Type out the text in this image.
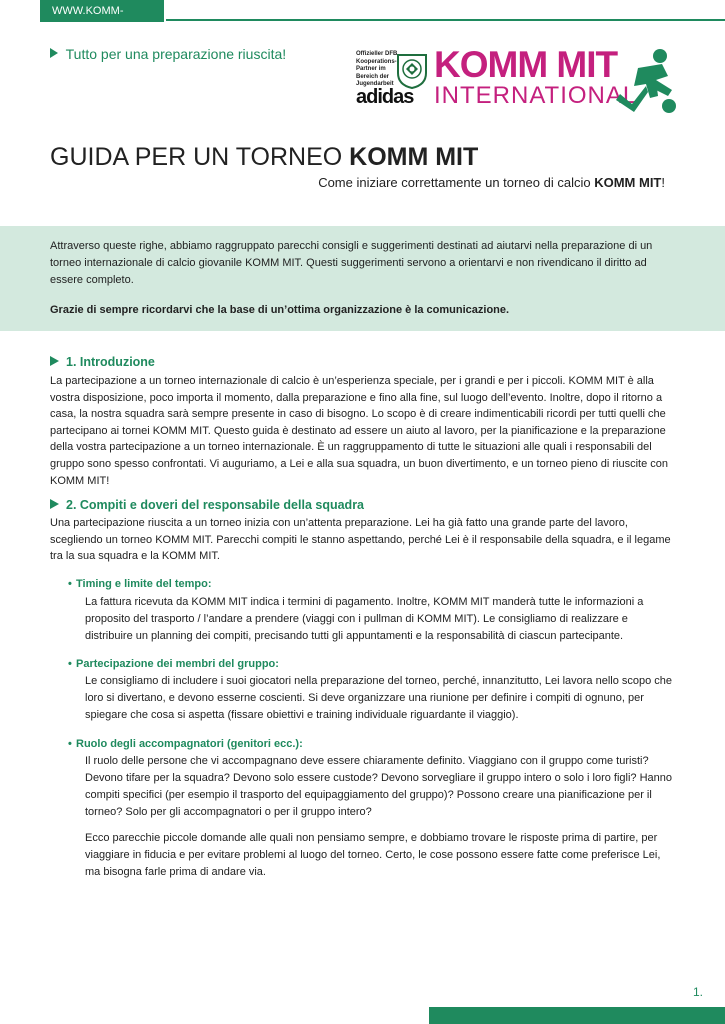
WWW.KOMM-MIT.COM
Tutto per una preparazione riuscita!	Offizieller DFB
Kooperations-
Partner im
Bereich der
Jugendarbeit
adidas
KOMM MIT
INTERNATIONAL
GUIDA PER UN TORNEO KOMM MIT
Come iniziare correttamente un torneo di calcio KOMM MIT!

Attraverso queste righe, abbiamo raggruppato parecchi consigli e suggerimenti destinati ad aiutarvi nella preparazione di un torneo internazionale di calcio giovanile KOMM MIT. Questi suggerimenti servono a orientarvi e non rivendicano il diritto ad essere completo.

Grazie di sempre ricordarvi che la base di un’ottima organizzazione è la comunicazione.

1. Introduzione

La partecipazione a un torneo internazionale di calcio è un’esperienza speciale, per i grandi e per i piccoli. KOMM MIT è alla vostra disposizione, poco importa il momento, dalla preparazione e fino alla fine, sul luogo dell’evento. Inoltre, dopo il ritorno a casa, la nostra squadra sarà sempre presente in caso di bisogno. Lo scopo è di creare indimenticabili ricordi per tutti quelli che partecipano ai tornei KOMM MIT. Questo guida è destinato ad essere un aiuto al lavoro, per la pianificazione e la preparazione della vostra partecipazione a un torneo internazionale. È un raggruppamento di tutte le situazioni alle quali i responsabili del gruppo sono spesso confrontati. Vi auguriamo, a Lei e alla sua squadra, un buon divertimento, e un torneo pieno di riuscite con KOMM MIT!

2. Compiti e doveri del responsabile della squadra

Una partecipazione riuscita a un torneo inizia con un’attenta preparazione. Lei ha già fatto una grande parte del lavoro, scegliendo un torneo KOMM MIT. Parecchi compiti le stanno aspettando, perché Lei è il responsabile della squadra, e il legame tra la sua squadra e la KOMM MIT.

• Timing e limite del tempo:

La fattura ricevuta da KOMM MIT indica i termini di pagamento. Inoltre, KOMM MIT manderà tutte le informazioni a proposito del trasporto / l’andare a prendere (viaggi con i pullman di KOMM MIT). Le consigliamo di realizzare e distribuire un planning dei compiti, precisando tutti gli appuntamenti e la responsabilità di ciascun partecipante.

• Partecipazione dei membri del gruppo:

Le consigliamo di includere i suoi giocatori nella preparazione del torneo, perché, innanzitutto, Lei lavora nello scopo che loro si divertano, e devono esserne coscienti. Si deve organizzare una riunione per definire i compiti di ognuno, per spiegare che cosa si aspetta (fissare obiettivi e training individuale riguardante il viaggio).

• Ruolo degli accompagnatori (genitori ecc.):

Il ruolo delle persone che vi accompagnano deve essere chiaramente definito. Viaggiano con il gruppo come turisti? Devono tifare per la squadra? Devono solo essere custode? Devono sorvegliare il gruppo intero o solo i loro figli? Hanno compiti specifici (per esempio il trasporto del equipaggiamento del gruppo)? Possono creare una pianificazione per il torneo? Solo per gli accompagnatori o per il gruppo intero?

Ecco parecchie piccole domande alle quali non pensiamo sempre, e dobbiamo trovare le risposte prima di partire, per viaggiare in fiducia e per evitare problemi al luogo del torneo. Certo, le cose possono essere fatte come preferisce Lei, ma bisogna farle prima di andare via.

1.
